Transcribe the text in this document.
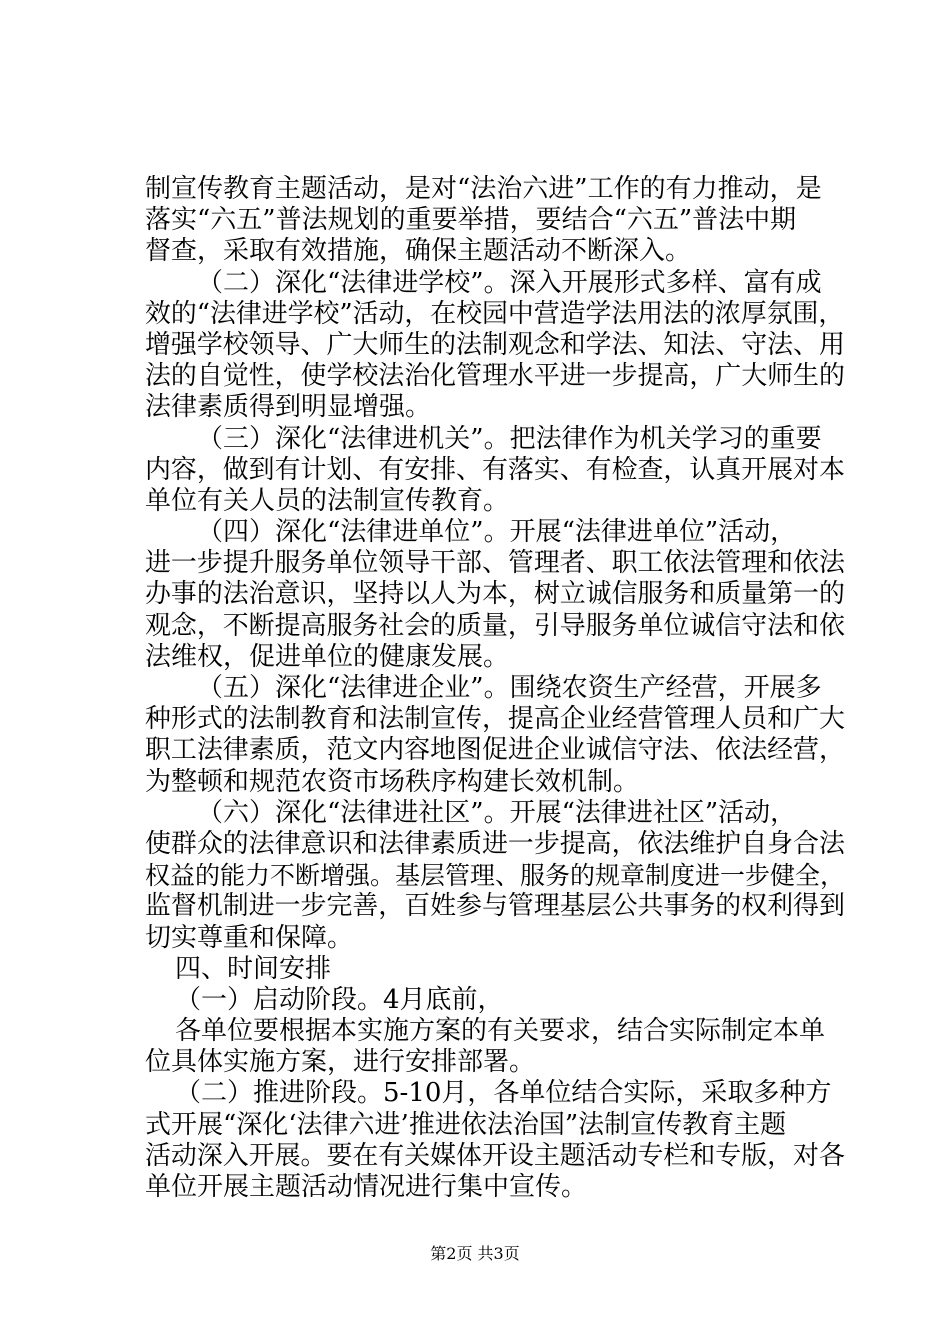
制宣传教育主题活动，是对“法治六进”工作的有力推动，是
落实“六五”普法规划的重要举措，要结合“六五”普法中期
督查，采取有效措施，确保主题活动不断深入。
（二）深化“法律进学校”。深入开展形式多样、富有成
效的“法律进学校”活动，在校园中营造学法用法的浓厚氛围，
增强学校领导、广大师生的法制观念和学法、知法、守法、用
法的自觉性，使学校法治化管理水平进一步提高，广大师生的
法律素质得到明显增强。
（三）深化“法律进机关”。把法律作为机关学习的重要
内容，做到有计划、有安排、有落实、有检查，认真开展对本
单位有关人员的法制宣传教育。
（四）深化“法律进单位”。开展“法律进单位”活动，
进一步提升服务单位领导干部、管理者、职工依法管理和依法
办事的法治意识，坚持以人为本，树立诚信服务和质量第一的
观念，不断提高服务社会的质量，引导服务单位诚信守法和依
法维权，促进单位的健康发展。
（五）深化“法律进企业”。围绕农资生产经营，开展多
种形式的法制教育和法制宣传，提高企业经营管理人员和广大
职工法律素质，范文内容地图促进企业诚信守法、依法经营，
为整顿和规范农资市场秩序构建长效机制。
（六）深化“法律进社区”。开展“法律进社区”活动，
使群众的法律意识和法律素质进一步提高，依法维护自身合法
权益的能力不断增强。基层管理、服务的规章制度进一步健全，
监督机制进一步完善，百姓参与管理基层公共事务的权利得到
切实尊重和保障。
四、时间安排
（一）启动阶段。4月底前，
各单位要根据本实施方案的有关要求，结合实际制定本单
位具体实施方案，进行安排部署。
（二）推进阶段。5-10月，各单位结合实际，采取多种方
式开展“深化‘法律六进’推进依法治国”法制宣传教育主题
活动深入开展。要在有关媒体开设主题活动专栏和专版，对各
单位开展主题活动情况进行集中宣传。
第2页 共3页
